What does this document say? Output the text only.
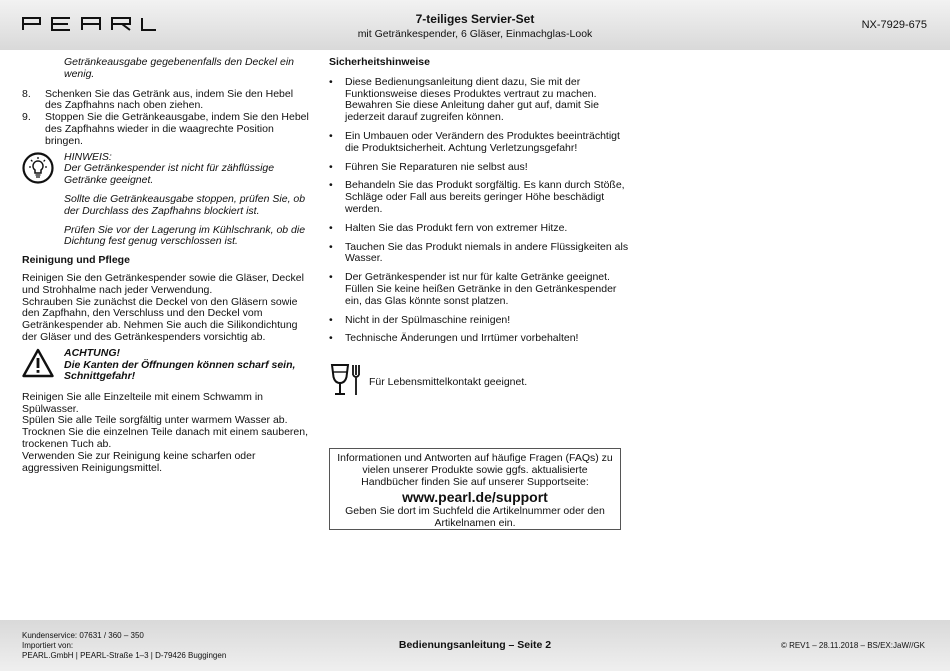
7-teiliges Servier-Set
mit Getränkespender, 6 Gläser, Einmachglas-Look
NX-7929-675

Getränkeausgabe gegebenenfalls den Deckel ein wenig.

8.	Schenken Sie das Getränk aus, indem Sie den Hebel des Zapfhahns nach oben ziehen.
9.	Stoppen Sie die Getränkeausgabe, indem Sie den Hebel des Zapfhahns wieder in die waagrechte Position bringen.

HINWEIS:

Der Getränkespender ist nicht für zähflüssige Getränke geeignet.

Sollte die Getränkeausgabe stoppen, prüfen Sie, ob der Durchlass des Zapfhahns blockiert ist.

Prüfen Sie vor der Lagerung im Kühlschrank, ob die Dichtung fest genug verschlossen ist.

Reinigung und Pflege

Reinigen Sie den Getränkespender sowie die Gläser, Deckel und Strohhalme nach jeder Verwendung.

Schrauben Sie zunächst die Deckel von den Gläsern sowie den Zapfhahn, den Verschluss und den Deckel vom Getränkespender ab. Nehmen Sie auch die Silikondichtung der Gläser und des Getränkespenders vorsichtig ab.

ACHTUNG!

Die Kanten der Öffnungen können scharf sein, Schnittgefahr!

Reinigen Sie alle Einzelteile mit einem Schwamm in Spülwasser.

Spülen Sie alle Teile sorgfältig unter warmem Wasser ab.

Trocknen Sie die einzelnen Teile danach mit einem sauberen, trockenen Tuch ab.

Verwenden Sie zur Reinigung keine scharfen oder aggressiven Reinigungsmittel.

Sicherheitshinweise
• Diese Bedienungsanleitung dient dazu, Sie mit der Funktionsweise dieses Produktes vertraut zu machen. Bewahren Sie diese Anleitung daher gut auf, damit Sie jederzeit darauf zugreifen können.
• Ein Umbauen oder Verändern des Produktes beeinträchtigt die Produktsicherheit. Achtung Verletzungsgefahr!
• Führen Sie Reparaturen nie selbst aus!
• Behandeln Sie das Produkt sorgfältig. Es kann durch Stöße, Schläge oder Fall aus bereits geringer Höhe beschädigt werden.
• Halten Sie das Produkt fern von extremer Hitze.
• Tauchen Sie das Produkt niemals in andere Flüssigkeiten als Wasser.
• Der Getränkespender ist nur für kalte Getränke geeignet. Füllen Sie keine heißen Getränke in den Getränkespender ein, das Glas könnte sonst platzen.
• Nicht in der Spülmaschine reinigen!
• Technische Änderungen und Irrtümer vorbehalten!
Für Lebensmittelkontakt geeignet.

Informationen und Antworten auf häufige Fragen (FAQs) zu vielen unserer Produkte sowie ggfs. aktualisierte Handbücher finden Sie auf unserer Supportseite:

www.pearl.de/support

Geben Sie dort im Suchfeld die Artikelnummer oder den Artikelnamen ein.

Kundenservice: 07631 / 360 – 350
Importiert von:
PEARL.GmbH | PEARL-Straße 1–3 | D-79426 Buggingen
Bedienungsanleitung – Seite 2	© REV1 – 28.11.2018 – BS/EX:JaW//GK
